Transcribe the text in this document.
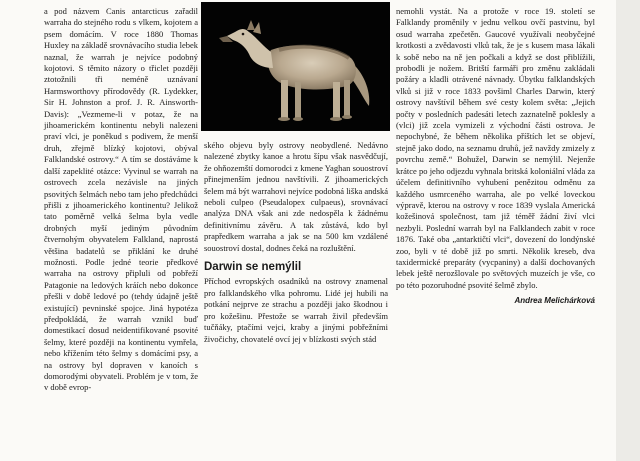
a pod názvem Canis antarcticus zařadil warraha do stejného rodu s vlkem, kojotem a psem domácím. V roce 1880 Thomas Huxley na základě srovnávacího studia lebek naznal, že warrah je nejvíce podobný kojotovi. S těmito názory o třiclet později ztotožnili tři neméně uznávaní Harmsworthovy přírodovědy (R. Lydekker, Sir H. Johnston a prof. J. R. Ainsworth-Davis): „Vezmeme-li v potaz, že na jihoamerickém kontinentu nebyli nalezeni praví vlci, je poněkud s podivem, že menší druh, zřejmě blízký kojotovi, obýval Falklandské ostrovy.“ A tím se dostáváme k další zapeklité otázce: Vyvinul se warrah na ostrovech zcela nezávisle na jiných psovitých šelmách nebo tam jeho předchůdci přišli z jihoamerického kontinentu? Jelikož tato poměrně velká šelma byla vedle drobných myší jediným původním čtvernohým obyvatelem Falkland, naprostá většina badatelů se přiklání ke druhé možnosti. Podle jedné teorie předkové warraha na ostrovy připluli od pobřeží Patagonie na ledových kráích nebo dokonce přešli v době ledové po (tehdy údajně ještě existující) pevninské spojce. Jiná hypotéza předpokládá, že warrah vznikl buď domestikací dosud neidentifikované psovité šelmy, které později na kontinentu vymřela, nebo křížením této šelmy s domácími psy, a na ostrovy byl dopraven v kanoích s domorodými obyvateli. Problém je v tom, že v době evrop-

ského objevu byly ostrovy neobydlené. Nedávno nalezené zbytky kanoe a hrotu šípu však nasvědčují, že ohňozemští domorodci z kmene Yaghan souostroví přinejmenším jednou navštívili. Z jihoamerických šelem má být warrahovi nejvíce podobná liška andská neboli culpeo (Pseudalopex culpaeus), srovnávací analýza DNA však ani zde nedospěla k žádnému definitivnímu závěru. A tak zůstává, kdo byl prapředkem warraha a jak se na 500 km vzdálené souostroví dostal, dodnes čeká na rozluštění.

Darwin se nemýlil

Příchod evropských osadníků na ostrovy znamenal pro falklandského vlka pohromu. Lidé jej hubili na potkání nejprve ze strachu a později jako škodnou i pro kožešinu. Přestože se warrah živil především tučňáky, ptačími vejci, kraby a jinými pobřežními živočichy, chovatelé ovcí jej v blízkosti svých stád

nemohli vystát. Na a protože v roce 19. století se Falklandy proměnily v jednu velkou ovčí pastvinu, byl osud warraha zpečetěn. Gaucové využívali neobyčejné krotkosti a zvědavosti vlků tak, že je s kusem masa lákali k sobě nebo na ně jen počkali a když se dost přiblížili, probodli je nožem. Britští farmáři pro změnu zakládali požáry a kladli otrávené návnady. Úbytku falklandských vlků si již v roce 1833 povšiml Charles Darwin, který ostrovy navštívil během své cesty kolem světa: „Jejich počty v posledních padesáti letech zaznatelně poklesly a (vlci) již zcela vymizeli z východní části ostrova. Je nepochybné, že během několika příštích let se objeví, stejně jako dodo, na seznamu druhů, jež navždy zmizely z povrchu země.“ Bohužel, Darwin se nemýlil. Nejenže krátce po jeho odjezdu vyhnala britská koloniální vláda za účelem definitivního vyhubení penězitou odměnu za každého usmrceného warraha, ale po velké loveckou výpravě, kterou na ostrovy v roce 1839 vyslala Americká kožešinová společnost, tam již téměř žádní živí vlci nezbyli. Poslední warrah byl na Falklandech zabit v roce 1876. Také oba „antarktičtí vlci“, dovezení do londýnské zoo, byli v té době již po smrti. Několik kreseb, dva taxidermické preparáty (vycpaniny) a další dochovaných lebek ještě nerozšlovale po světových muzeích je vše, co po této pozoruhodné psovité šelmě zbylo.

Andrea Melichárková
